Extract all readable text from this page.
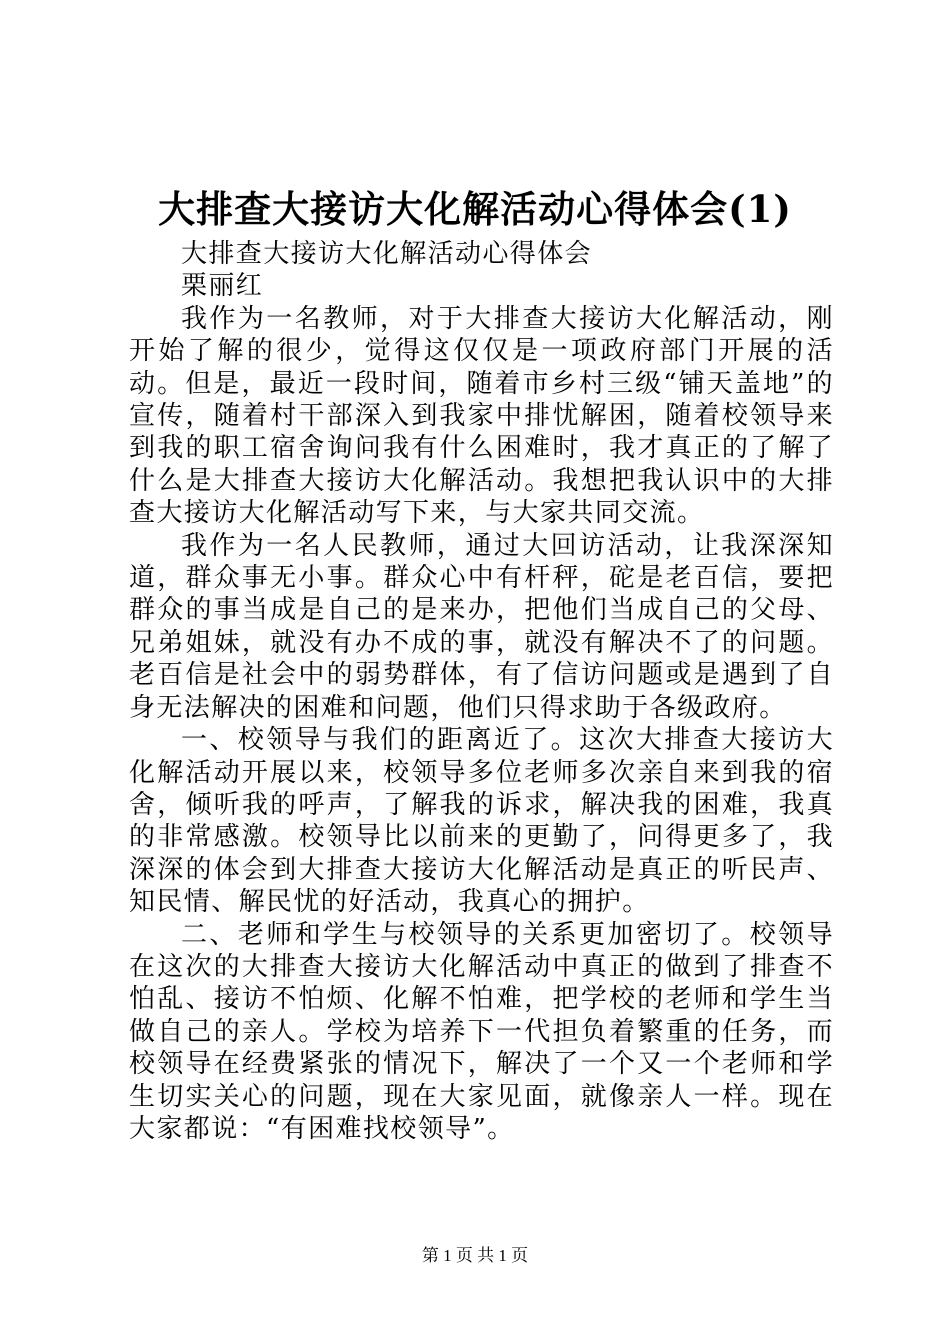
大排查大接访大化解活动心得体会(1)

大排查大接访大化解活动心得体会

栗丽红

我作为一名教师，对于大排查大接访大化解活动，刚开始了解的很少，觉得这仅仅是一项政府部门开展的活动。但是，最近一段时间，随着市乡村三级“铺天盖地”的宣传，随着村干部深入到我家中排忧解困，随着校领导来到我的职工宿舍询问我有什么困难时，我才真正的了解了什么是大排查大接访大化解活动。我想把我认识中的大排查大接访大化解活动写下来，与大家共同交流。

我作为一名人民教师，通过大回访活动，让我深深知道，群众事无小事。群众心中有杆秤，砣是老百信，要把群众的事当成是自己的是来办，把他们当成自己的父母、兄弟姐妹，就没有办不成的事，就没有解决不了的问题。老百信是社会中的弱势群体，有了信访问题或是遇到了自身无法解决的困难和问题，他们只得求助于各级政府。

一、校领导与我们的距离近了。这次大排查大接访大化解活动开展以来，校领导多位老师多次亲自来到我的宿舍，倾听我的呼声，了解我的诉求，解决我的困难，我真的非常感激。校领导比以前来的更勤了，问得更多了，我深深的体会到大排查大接访大化解活动是真正的听民声、知民情、解民忧的好活动，我真心的拥护。

二、老师和学生与校领导的关系更加密切了。校领导在这次的大排查大接访大化解活动中真正的做到了排查不怕乱、接访不怕烦、化解不怕难，把学校的老师和学生当做自己的亲人。学校为培养下一代担负着繁重的任务，而校领导在经费紧张的情况下，解决了一个又一个老师和学生切实关心的问题，现在大家见面，就像亲人一样。现在大家都说：“有困难找校领导”。

第 1 页 共 1 页
